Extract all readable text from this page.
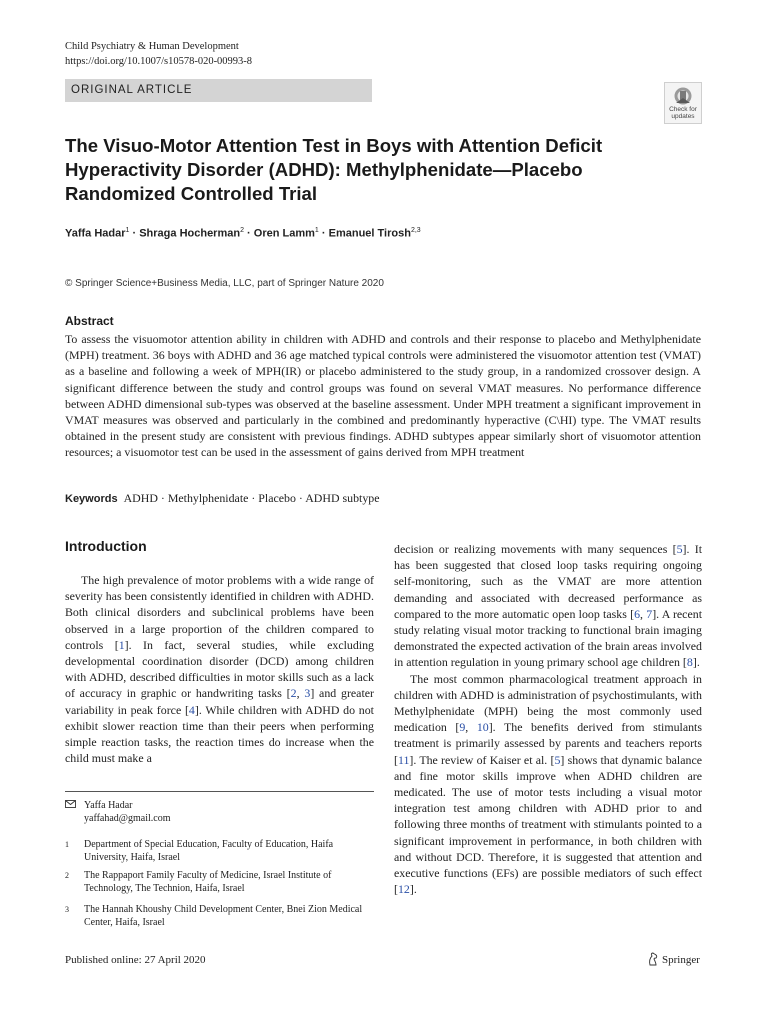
Child Psychiatry & Human Development
https://doi.org/10.1007/s10578-020-00993-8
ORIGINAL ARTICLE
Check for
updates
The Visuo-Motor Attention Test in Boys with Attention Deficit Hyperactivity Disorder (ADHD): Methylphenidate—Placebo Randomized Controlled Trial
Yaffa Hadar$^1$ · Shraga Hocherman$^2$ · Oren Lamm$^1$ · Emanuel Tirosh$^{2,3}$
© Springer Science+Business Media, LLC, part of Springer Nature 2020
Abstract

To assess the visuomotor attention ability in children with ADHD and controls and their response to placebo and Methylphenidate (MPH) treatment. 36 boys with ADHD and 36 age matched typical controls were administered the visuomotor attention test (VMAT) as a baseline and following a week of MPH(IR) or placebo administered to the study group, in a randomized crossover design. A significant difference between the study and control groups was found on several VMAT measures. No performance difference between ADHD dimensional sub-types was observed at the baseline assessment. Under MPH treatment a significant improvement in VMAT measures was observed and particularly in the combined and predominantly hyperactive (C\HI) type. The VMAT results obtained in the present study are consistent with previous findings. ADHD subtypes appear similarly short of visuomotor attention resources; a visuomotor test can be used in the assessment of gains derived from MPH treatment

Keywords ADHD · Methylphenidate · Placebo · ADHD subtype
Introduction

The high prevalence of motor problems with a wide range of severity has been consistently identified in children with ADHD. Both clinical disorders and subclinical problems have been observed in a large proportion of the children compared to controls [1]. In fact, several studies, while excluding developmental coordination disorder (DCD) among children with ADHD, described difficulties in motor skills such as a lack of accuracy in graphic or handwriting tasks [2, 3] and greater variability in peak force [4]. While children with ADHD do not exhibit slower reaction time than their peers when performing simple reaction tasks, the reaction times do increase when the child must make a

decision or realizing movements with many sequences [5]. It has been suggested that closed loop tasks requiring ongoing self-monitoring, such as the VMAT are more attention demanding and associated with decreased performance as compared to the more automatic open loop tasks [6, 7]. A recent study relating visual motor tracking to functional brain imaging demonstrated the expected activation of the brain areas involved in attention regulation in young primary school age children [8].

The most common pharmacological treatment approach in children with ADHD is administration of psychostimulants, with Methylphenidate (MPH) being the most commonly used medication [9, 10]. The benefits derived from stimulants treatment is primarily assessed by parents and teachers reports [11]. The review of Kaiser et al. [5] shows that dynamic balance and fine motor skills improve when ADHD children are medicated. The use of motor tests including a visual motor integration test among children with ADHD prior to and following three months of treatment with stimulants pointed to a significant improvement in performance, in both children with and without DCD. Therefore, it is suggested that attention and executive functions (EFs) are possible mediators of such effect [12].

Yaffa Hadar
yaffahad@gmail.com
1 Department of Special Education, Faculty of Education, Haifa University, Haifa, Israel
2 The Rappaport Family Faculty of Medicine, Israel Institute of Technology, The Technion, Haifa, Israel
3 The Hannah Khoushy Child Development Center, Bnei Zion Medical Center, Haifa, Israel
Published online: 27 April 2020	Springer
